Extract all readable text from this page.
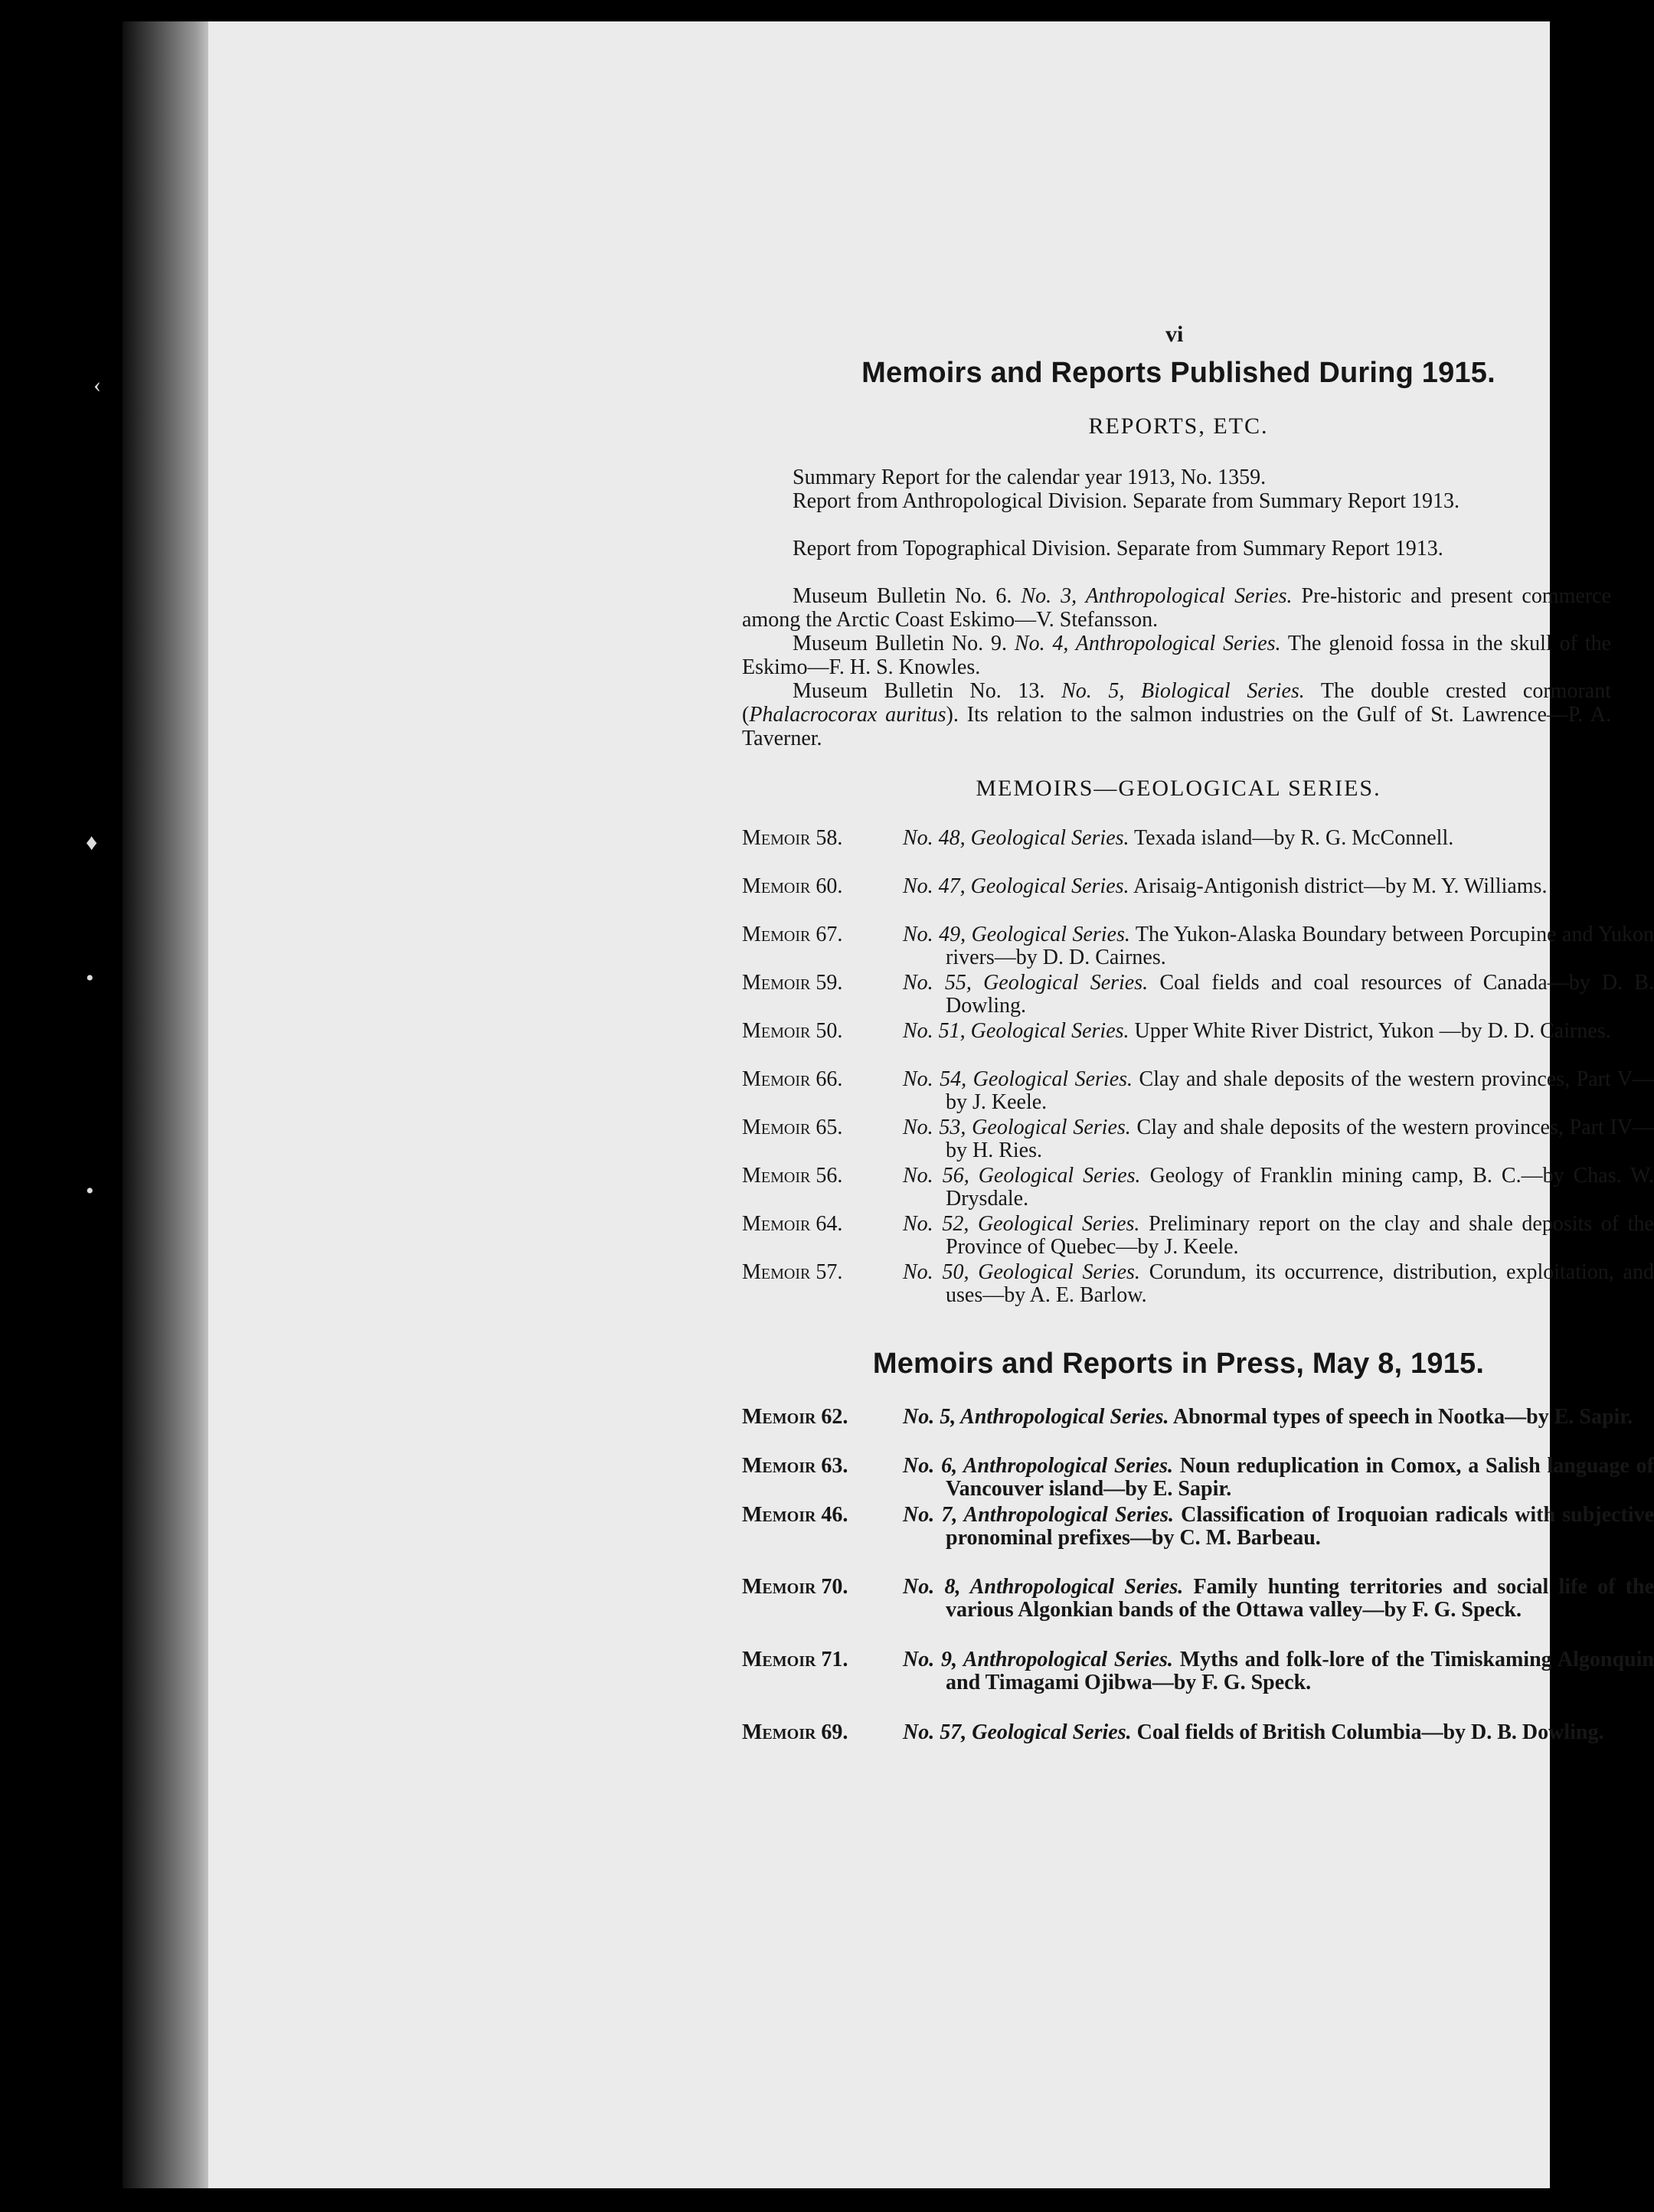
‹
♦
•
•
vi
Memoirs and Reports Published During 1915.
REPORTS, ETC.
Summary Report for the calendar year 1913, No. 1359.
Report from Anthropological Division. Separate from Summary Report 1913.
Report from Topographical Division. Separate from Summary Report 1913.
Museum Bulletin No. 6. No. 3, Anthropological Series. Pre-historic and present commerce among the Arctic Coast Eskimo—V. Stefansson.
Museum Bulletin No. 9. No. 4, Anthropological Series. The glenoid fossa in the skull of the Eskimo—F. H. S. Knowles.
Museum Bulletin No. 13. No. 5, Biological Series. The double crested cormorant (Phalacrocorax auritus). Its relation to the salmon industries on the Gulf of St. Lawrence—P. A. Taverner.
MEMOIRS—GEOLOGICAL SERIES.
Memoir 58.	No. 48, Geological Series. Texada island—by R. G. McConnell.
Memoir 60.	No. 47, Geological Series. Arisaig-Antigonish district—by M. Y. Williams.
Memoir 67.	No. 49, Geological Series. The Yukon-Alaska Boundary between Porcupine and Yukon rivers—by D. D. Cairnes.
Memoir 59.	No. 55, Geological Series. Coal fields and coal resources of Canada—by D. B. Dowling.
Memoir 50.	No. 51, Geological Series. Upper White River District, Yukon —by D. D. Cairnes.
Memoir 66.	No. 54, Geological Series. Clay and shale deposits of the western provinces, Part V—by J. Keele.
Memoir 65.	No. 53, Geological Series. Clay and shale deposits of the western provinces, Part IV—by H. Ries.
Memoir 56.	No. 56, Geological Series. Geology of Franklin mining camp, B. C.—by Chas. W. Drysdale.
Memoir 64.	No. 52, Geological Series. Preliminary report on the clay and shale deposits of the Province of Quebec—by J. Keele.
Memoir 57.	No. 50, Geological Series. Corundum, its occurrence, distribution, exploitation, and uses—by A. E. Barlow.
Memoirs and Reports in Press, May 8, 1915.
Memoir 62.	No. 5, Anthropological Series. Abnormal types of speech in Nootka—by E. Sapir.
Memoir 63.	No. 6, Anthropological Series. Noun reduplication in Comox, a Salish language of Vancouver island—by E. Sapir.
Memoir 46.	No. 7, Anthropological Series. Classification of Iroquoian radicals with subjective pronominal prefixes—by C. M. Barbeau.
Memoir 70.	No. 8, Anthropological Series. Family hunting territories and social life of the various Algonkian bands of the Ottawa valley—by F. G. Speck.
Memoir 71.	No. 9, Anthropological Series. Myths and folk-lore of the Timiskaming Algonquin and Timagami Ojibwa—by F. G. Speck.
Memoir 69.	No. 57, Geological Series. Coal fields of British Columbia—by D. B. Dowling.
